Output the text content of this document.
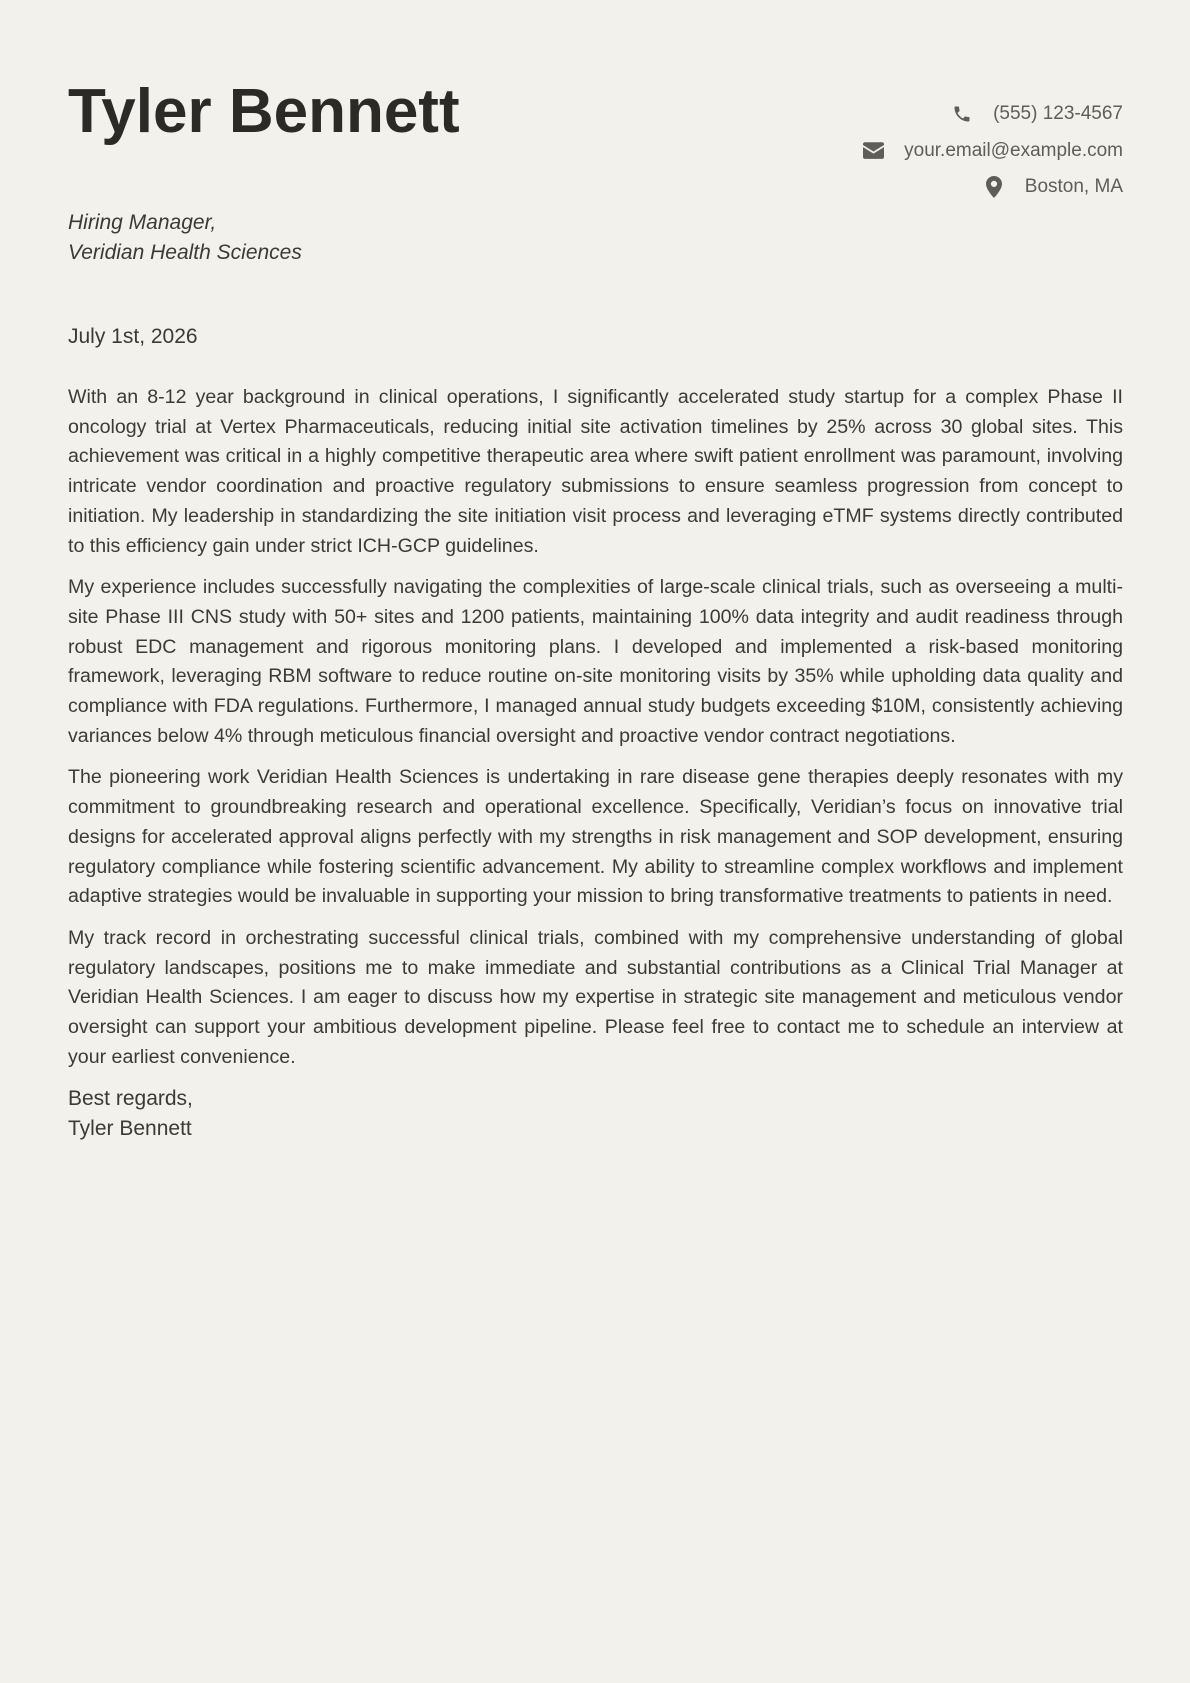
Tyler Bennett	(555) 123-4567
your.email@example.com
Boston, MA
Hiring Manager,
Veridian Health Sciences
July 1st, 2026

With an 8-12 year background in clinical operations, I significantly accelerated study startup for a complex Phase II oncology trial at Vertex Pharmaceuticals, reducing initial site activation timelines by 25% across 30 global sites. This achievement was critical in a highly competitive therapeutic area where swift patient enrollment was paramount, involving intricate vendor coordination and proactive regulatory submissions to ensure seamless progression from concept to initiation. My leadership in standardizing the site initiation visit process and leveraging eTMF systems directly contributed to this efficiency gain under strict ICH-GCP guidelines.

My experience includes successfully navigating the complexities of large-scale clinical trials, such as overseeing a multi-site Phase III CNS study with 50+ sites and 1200 patients, maintaining 100% data integrity and audit readiness through robust EDC management and rigorous monitoring plans. I developed and implemented a risk-based monitoring framework, leveraging RBM software to reduce routine on-site monitoring visits by 35% while upholding data quality and compliance with FDA regulations. Furthermore, I managed annual study budgets exceeding $10M, consistently achieving variances below 4% through meticulous financial oversight and proactive vendor contract negotiations.

The pioneering work Veridian Health Sciences is undertaking in rare disease gene therapies deeply resonates with my commitment to groundbreaking research and operational excellence. Specifically, Veridian’s focus on innovative trial designs for accelerated approval aligns perfectly with my strengths in risk management and SOP development, ensuring regulatory compliance while fostering scientific advancement. My ability to streamline complex workflows and implement adaptive strategies would be invaluable in supporting your mission to bring transformative treatments to patients in need.

My track record in orchestrating successful clinical trials, combined with my comprehensive understanding of global regulatory landscapes, positions me to make immediate and substantial contributions as a Clinical Trial Manager at Veridian Health Sciences. I am eager to discuss how my expertise in strategic site management and meticulous vendor oversight can support your ambitious development pipeline. Please feel free to contact me to schedule an interview at your earliest convenience.

Best regards,
Tyler Bennett
